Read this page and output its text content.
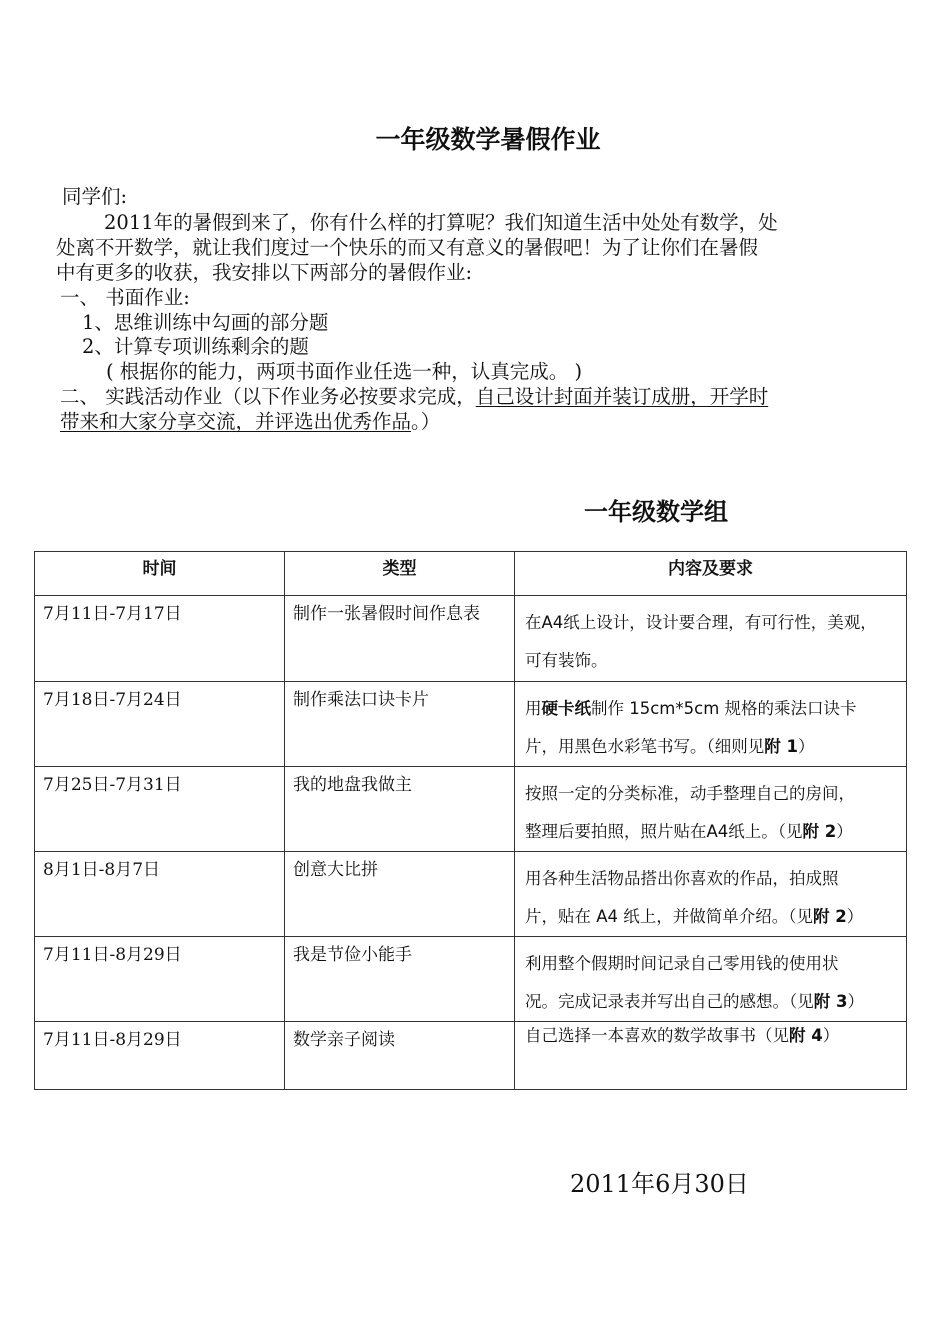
一年级数学暑假作业
同学们:
2011年的暑假到来了，你有什么样的打算呢？我们知道生活中处处有数学，处
处离不开数学，就让我们度过一个快乐的而又有意义的暑假吧！为了让你们在暑假
中有更多的收获，我安排以下两部分的暑假作业:
一、 书面作业:
1、思维训练中勾画的部分题
2、计算专项训练剩余的题
( 根据你的能力，两项书面作业任选一种，认真完成。 )
二、 实践活动作业（以下作业务必按要求完成，自己设计封面并装订成册，开学时
带来和大家分享交流，并评选出优秀作品。）
一年级数学组
时间	类型	内容及要求
7月11日-7月17日	制作一张暑假时间作息表	在A4纸上设计，设计要合理，有可行性，美观，
可有装饰。
7月18日-7月24日	制作乘法口诀卡片	用硬卡纸制作 15cm*5cm 规格的乘法口诀卡
片，用黑色水彩笔书写。（细则见附 1）
7月25日-7月31日	我的地盘我做主	按照一定的分类标准，动手整理自己的房间，
整理后要拍照，照片贴在A4纸上。（见附 2）
8月1日-8月7日	创意大比拼	用各种生活物品搭出你喜欢的作品，拍成照
片，贴在 A4 纸上，并做简单介绍。（见附 2）
7月11日-8月29日	我是节俭小能手	利用整个假期时间记录自己零用钱的使用状
况。完成记录表并写出自己的感想。（见附 3）
7月11日-8月29日	数学亲子阅读	自己选择一本喜欢的数学故事书（见附 4）
2011年6月30日
